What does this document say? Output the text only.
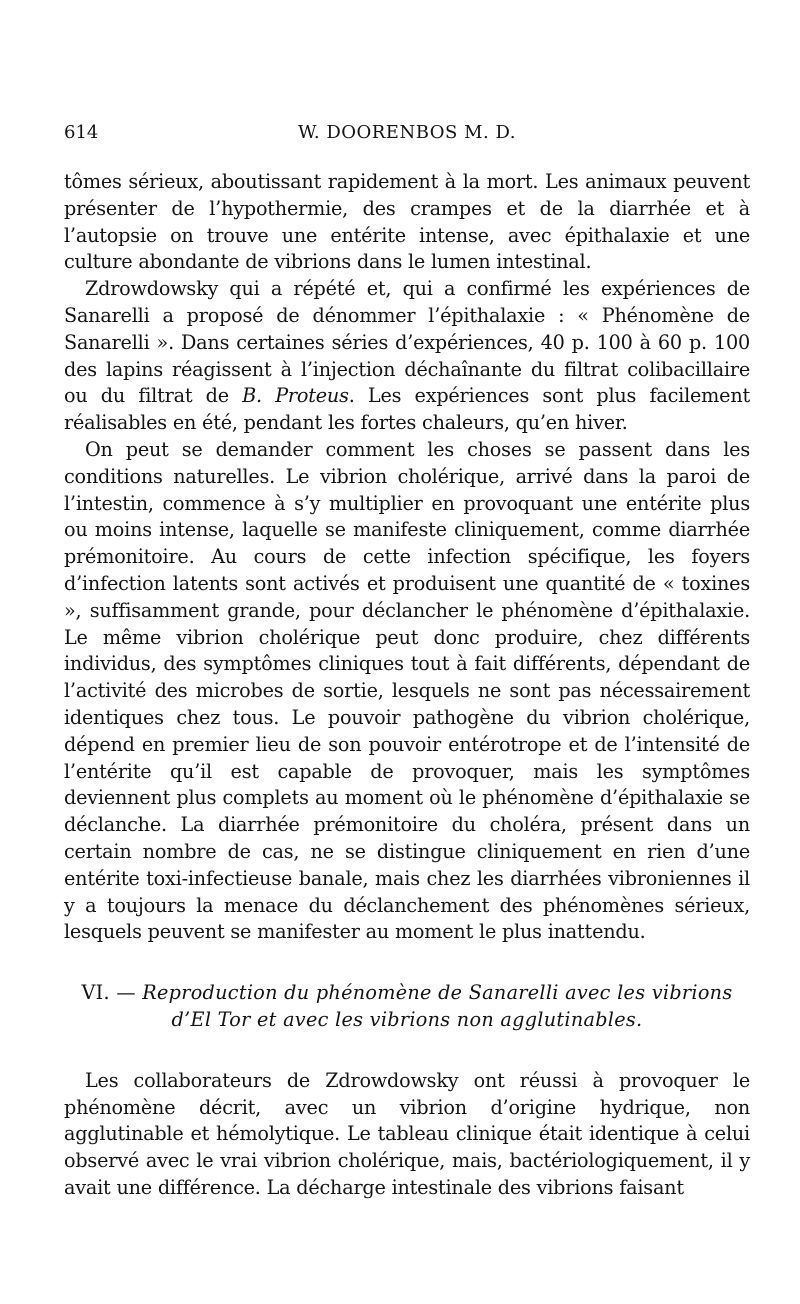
614	W. DOORENBOS M. D.

tômes sérieux, aboutissant rapidement à la mort. Les animaux peuvent présenter de l’hypothermie, des crampes et de la diarrhée et à l’autopsie on trouve une entérite intense, avec épithalaxie et une culture abondante de vibrions dans le lumen intestinal.

Zdrowdowsky qui a répété et, qui a confirmé les expériences de Sanarelli a proposé de dénommer l’épithalaxie : « Phénomène de Sanarelli ». Dans certaines séries d’expériences, 40 p. 100 à 60 p. 100 des lapins réagissent à l’injection déchaînante du filtrat colibacillaire ou du filtrat de B. Proteus. Les expériences sont plus facilement réalisables en été, pendant les fortes chaleurs, qu’en hiver.

On peut se demander comment les choses se passent dans les conditions naturelles. Le vibrion cholérique, arrivé dans la paroi de l’intestin, commence à s’y multiplier en provoquant une entérite plus ou moins intense, laquelle se manifeste cliniquement, comme diarrhée prémonitoire. Au cours de cette infection spécifique, les foyers d’infection latents sont activés et produisent une quantité de « toxines », suffisamment grande, pour déclancher le phénomène d’épithalaxie. Le même vibrion cholérique peut donc produire, chez différents individus, des symptômes cliniques tout à fait différents, dépendant de l’activité des microbes de sortie, lesquels ne sont pas nécessairement identiques chez tous. Le pouvoir pathogène du vibrion cholérique, dépend en premier lieu de son pouvoir entérotrope et de l’intensité de l’entérite qu’il est capable de provoquer, mais les symptômes deviennent plus complets au moment où le phénomène d’épithalaxie se déclanche. La diarrhée prémonitoire du choléra, présent dans un certain nombre de cas, ne se distingue cliniquement en rien d’une entérite toxi-infectieuse banale, mais chez les diarrhées vibroniennes il y a toujours la menace du déclanchement des phénomènes sérieux, lesquels peuvent se manifester au moment le plus inattendu.

VI. — Reproduction du phénomène de Sanarelli avec les vibrions d’El Tor et avec les vibrions non agglutinables.

Les collaborateurs de Zdrowdowsky ont réussi à provoquer le phénomène décrit, avec un vibrion d’origine hydrique, non agglutinable et hémolytique. Le tableau clinique était identique à celui observé avec le vrai vibrion cholérique, mais, bactériologiquement, il y avait une différence. La décharge intestinale des vibrions faisant
